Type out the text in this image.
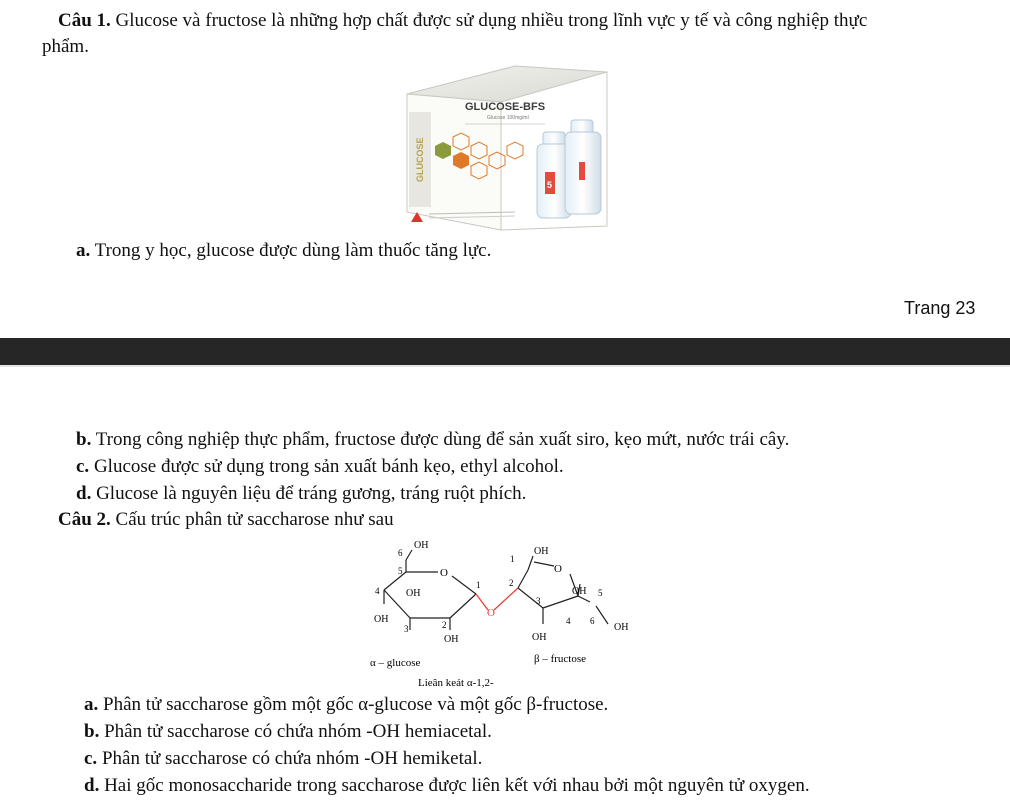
Câu 1. Glucose và fructose là những hợp chất được sử dụng nhiều trong lĩnh vực y tế và công nghiệp thực
phẩm.
GLUCOSE
GLUCOSE-BFS
Glucose 100mg/ml
5
a. Trong y học, glucose được dùng làm thuốc tăng lực.
Trang 23
b. Trong công nghiệp thực phẩm, fructose được dùng để sản xuất siro, kẹo mứt, nước trái cây.
c. Glucose được sử dụng trong sản xuất bánh kẹo, ethyl alcohol.
d. Glucose là nguyên liệu để tráng gương, tráng ruột phích.
Câu 2. Cấu trúc phân tử saccharose như sau
O
6
OH
5	O
4	OH
1
OH
3	2
OH
1
OH
O
2
3
OH 5
4 6
OH
OH
α – glucose	β – fructose
Lieân keát α-1,2-
a. Phân tử saccharose gồm một gốc α-glucose và một gốc β-fructose.
b. Phân tử saccharose có chứa nhóm -OH hemiacetal.
c. Phân tử saccharose có chứa nhóm -OH hemiketal.
d. Hai gốc monosaccharide trong saccharose được liên kết với nhau bởi một nguyên tử oxygen.
